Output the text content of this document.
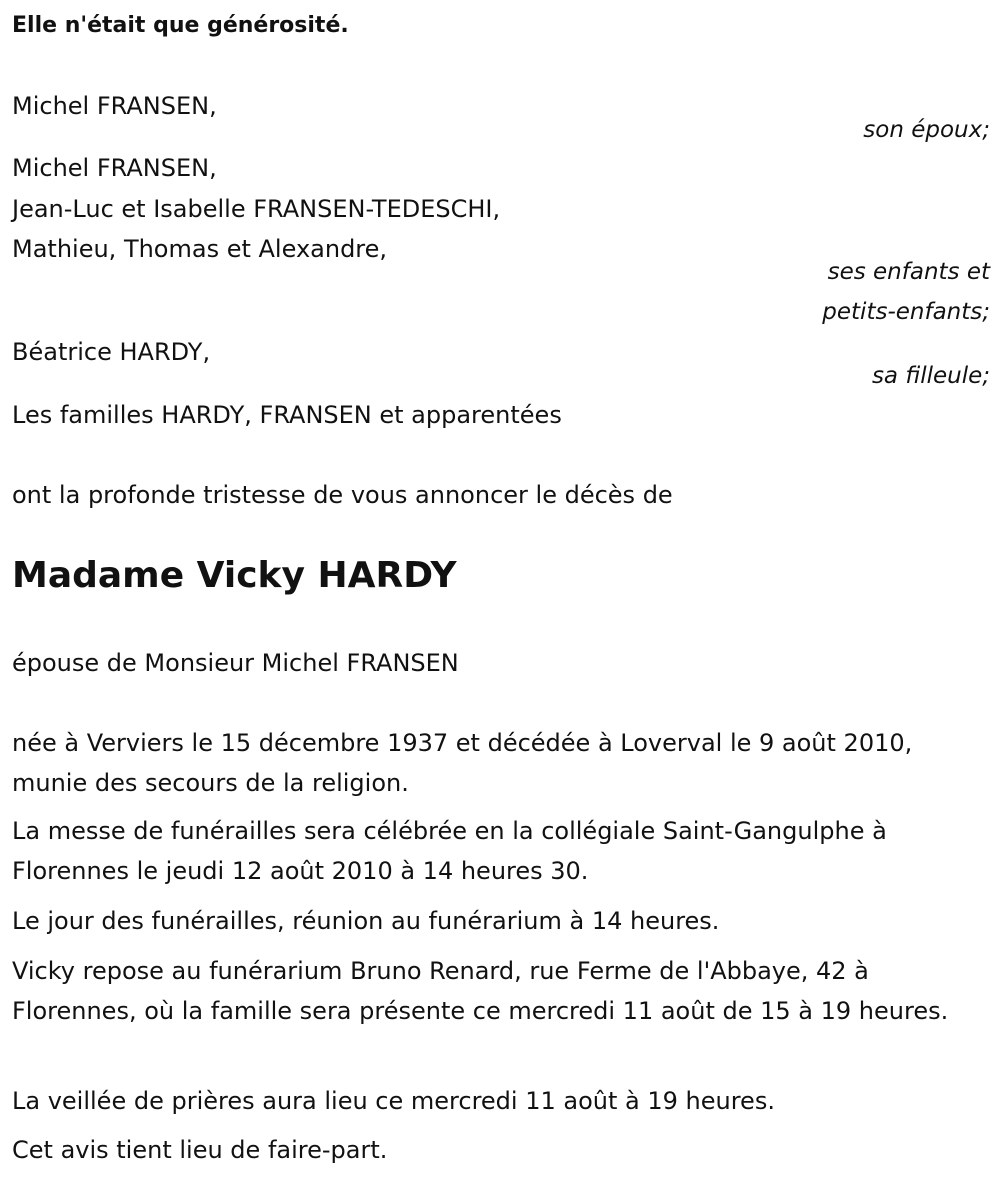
Elle n'était que générosité.
Michel FRANSEN,
son époux;
Michel FRANSEN,
Jean-Luc et Isabelle FRANSEN-TEDESCHI,
Mathieu, Thomas et Alexandre,
ses enfants et
petits-enfants;
Béatrice HARDY,
sa filleule;
Les familles HARDY, FRANSEN et apparentées
ont la profonde tristesse de vous annoncer le décès de
Madame Vicky HARDY
épouse de Monsieur Michel FRANSEN
née à Verviers le 15 décembre 1937 et décédée à Loverval le 9 août 2010, munie des secours de la religion.
La messe de funérailles sera célébrée en la collégiale Saint-Gangulphe à Florennes le jeudi 12 août 2010 à 14 heures 30.
Le jour des funérailles, réunion au funérarium à 14 heures.
Vicky repose au funérarium Bruno Renard, rue Ferme de l'Abbaye, 42 à Florennes, où la famille sera présente ce mercredi 11 août de 15 à 19 heures.
La veillée de prières aura lieu ce mercredi 11 août à 19 heures.
Cet avis tient lieu de faire-part.
